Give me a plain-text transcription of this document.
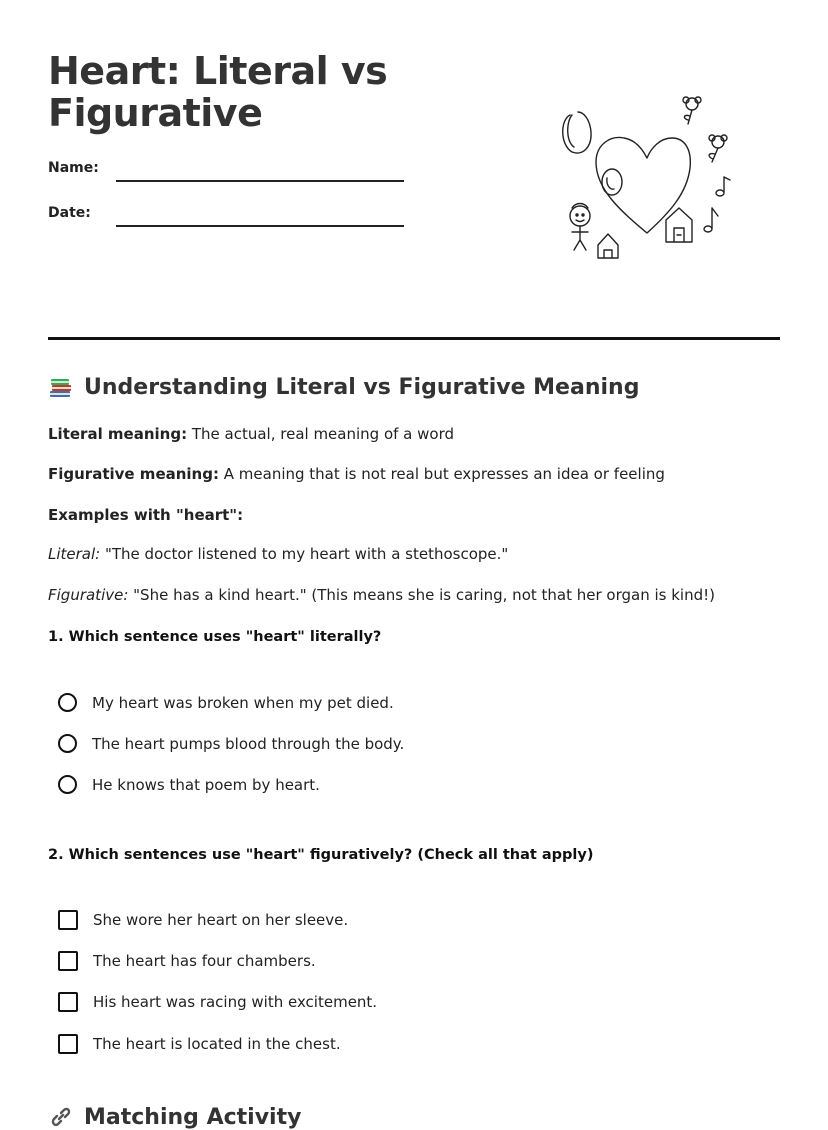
Heart: Literal vs Figurative
Name:
Date:
Understanding Literal vs Figurative Meaning
Literal meaning: The actual, real meaning of a word
Figurative meaning: A meaning that is not real but expresses an idea or feeling
Examples with "heart":
Literal: "The doctor listened to my heart with a stethoscope."
Figurative: "She has a kind heart." (This means she is caring, not that her organ is kind!)
1. Which sentence uses "heart" literally?
My heart was broken when my pet died.
The heart pumps blood through the body.
He knows that poem by heart.
2. Which sentences use "heart" figuratively? (Check all that apply)
She wore her heart on her sleeve.
The heart has four chambers.
His heart was racing with excitement.
The heart is located in the chest.
Matching Activity
